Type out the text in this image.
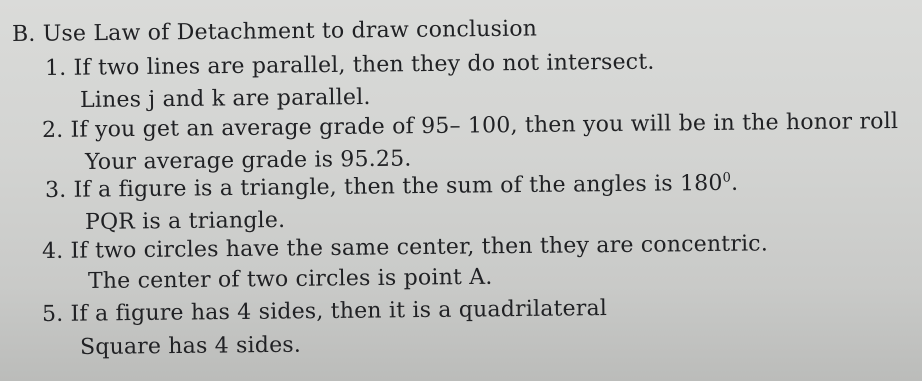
B. Use Law of Detachment to draw conclusion
1. If two lines are parallel, then they do not intersect.
Lines j and k are parallel.
2. If you get an average grade of 95– 100, then you will be in the honor roll
Your average grade is 95.25.
3. If a figure is a triangle, then the sum of the angles is $180^0$.
PQR is a triangle.
4. If two circles have the same center, then they are concentric.
The center of two circles is point A.
5. If a figure has 4 sides, then it is a quadrilateral
Square has 4 sides.
